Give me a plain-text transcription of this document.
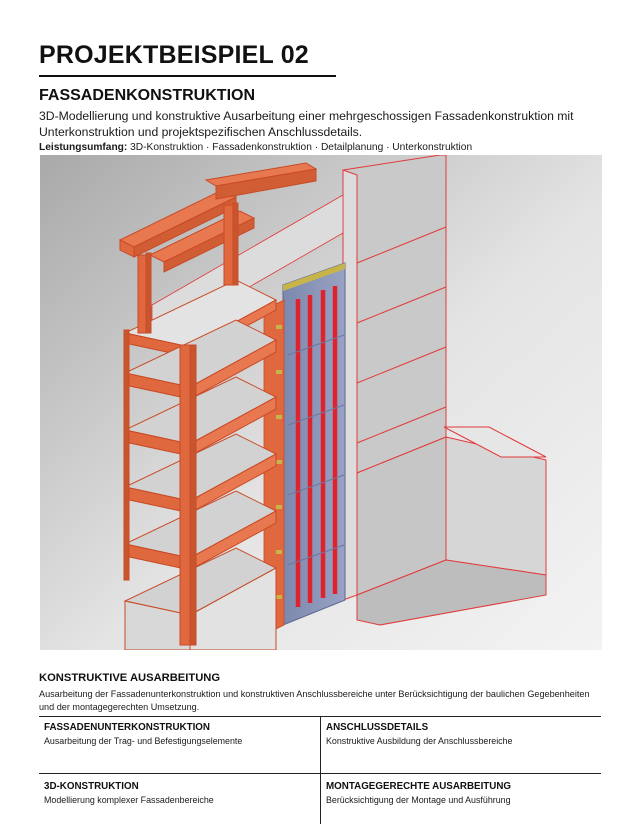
PROJEKTBEISPIEL 02
FASSADENKONSTRUKTION

3D-Modellierung und konstruktive Ausarbeitung einer mehrgeschossigen Fassadenkonstruktion mit Unterkonstruktion und projektspezifischen Anschlussdetails.

Leistungsumfang: 3D-Konstruktion · Fassadenkonstruktion · Detailplanung · Unterkonstruktion

KONSTRUKTIVE AUSARBEITUNG

Ausarbeitung der Fassadenunterkonstruktion und konstruktiven Anschlussbereiche unter Berücksichtigung der baulichen Gegebenheiten und der montagegerechten Umsetzung.

FASSADENUNTERKONSTRUKTION

Ausarbeitung der Trag- und Befestigungselemente

ANSCHLUSSDETAILS

Konstruktive Ausbildung der Anschlussbereiche

3D-KONSTRUKTION

Modellierung komplexer Fassadenbereiche

MONTAGEGERECHTE AUSARBEITUNG

Berücksichtigung der Montage und Ausführung
